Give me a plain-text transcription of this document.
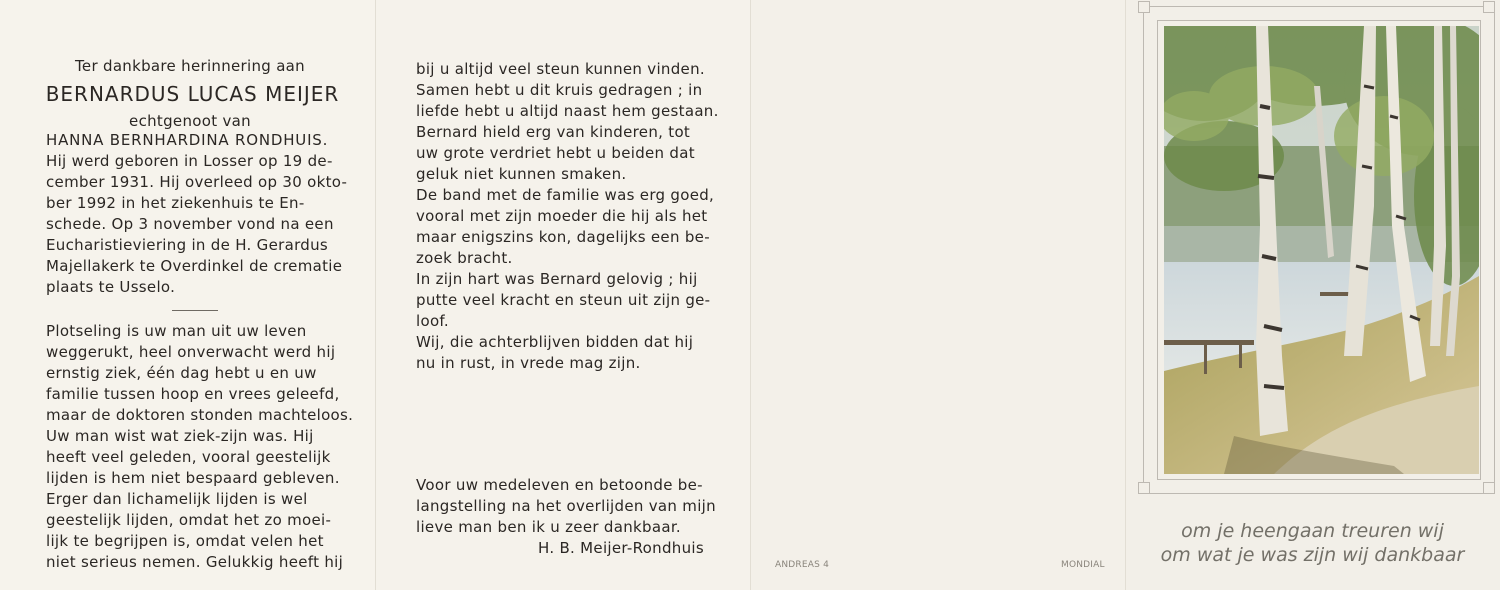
Ter dankbare herinnering aan
BERNARDUS LUCAS MEIJER
echtgenoot van
HANNA BERNHARDINA RONDHUIS.
Hij werd geboren in Losser op 19 de-
cember 1931. Hij overleed op 30 okto-
ber 1992 in het ziekenhuis te En-
schede. Op 3 november vond na een
Eucharistieviering in de H. Gerardus
Majellakerk te Overdinkel de crematie
plaats te Usselo.
Plotseling is uw man uit uw leven
weggerukt, heel onverwacht werd hij
ernstig ziek, één dag hebt u en uw
familie tussen hoop en vrees geleefd,
maar de doktoren stonden machteloos.
Uw man wist wat ziek-zijn was. Hij
heeft veel geleden, vooral geestelijk
lijden is hem niet bespaard gebleven.
Erger dan lichamelijk lijden is wel
geestelijk lijden, omdat het zo moei-
lijk te begrijpen is, omdat velen het
niet serieus nemen. Gelukkig heeft hij
bij u altijd veel steun kunnen vinden.
Samen hebt u dit kruis gedragen ; in
liefde hebt u altijd naast hem gestaan.
Bernard hield erg van kinderen, tot
uw grote verdriet hebt u beiden dat
geluk niet kunnen smaken.
De band met de familie was erg goed,
vooral met zijn moeder die hij als het
maar enigszins kon, dagelijks een be-
zoek bracht.
In zijn hart was Bernard gelovig ; hij
putte veel kracht en steun uit zijn ge-
loof.
Wij, die achterblijven bidden dat hij
nu in rust, in vrede mag zijn.
Voor uw medeleven en betoonde be-
langstelling na het overlijden van mijn
lieve man ben ik u zeer dankbaar.
H. B. Meijer-Rondhuis
ANDREAS 4	MONDIAL
om je heengaan treuren wij
om wat je was zijn wij dankbaar
